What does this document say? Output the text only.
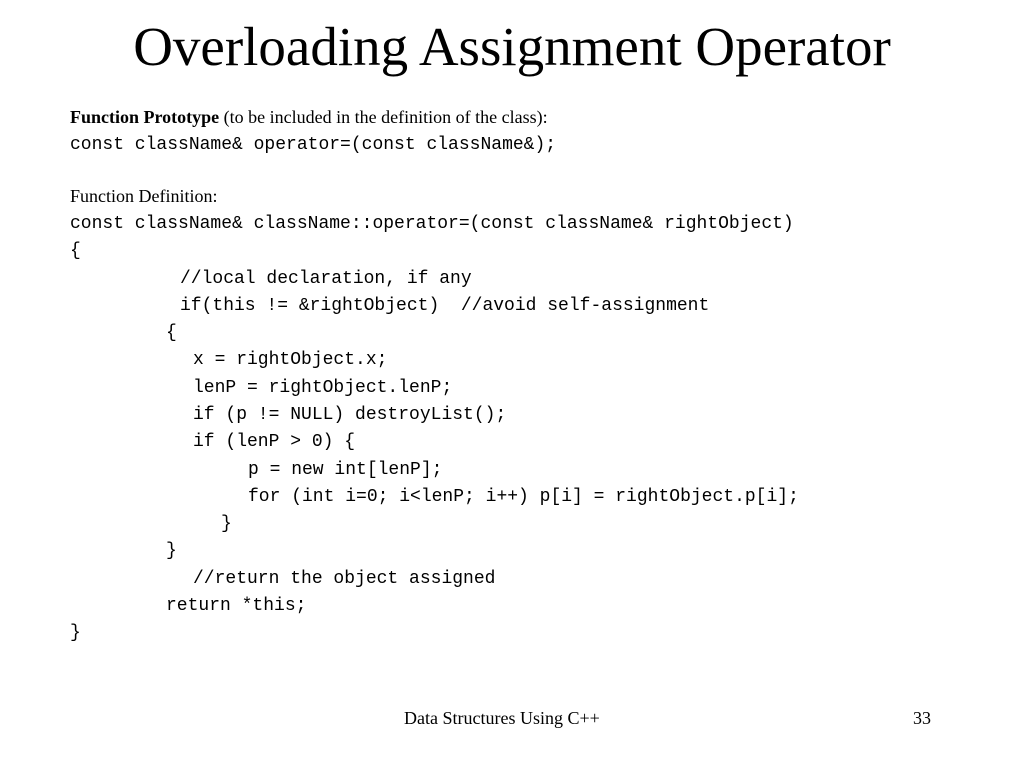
Overloading Assignment Operator
Function Prototype (to be included in the definition of the class):
const className& operator=(const className&);
Function Definition:
const className& className::operator=(const className& rightObject)
{
//local declaration, if any
if(this != &rightObject)  //avoid self-assignment
{
x = rightObject.x;
lenP = rightObject.lenP;
if (p != NULL) destroyList();
if (lenP > 0) {
p = new int[lenP];
for (int i=0; i<lenP; i++) p[i] = rightObject.p[i];
}
}
//return the object assigned
return *this;
}
Data Structures Using C++	33
